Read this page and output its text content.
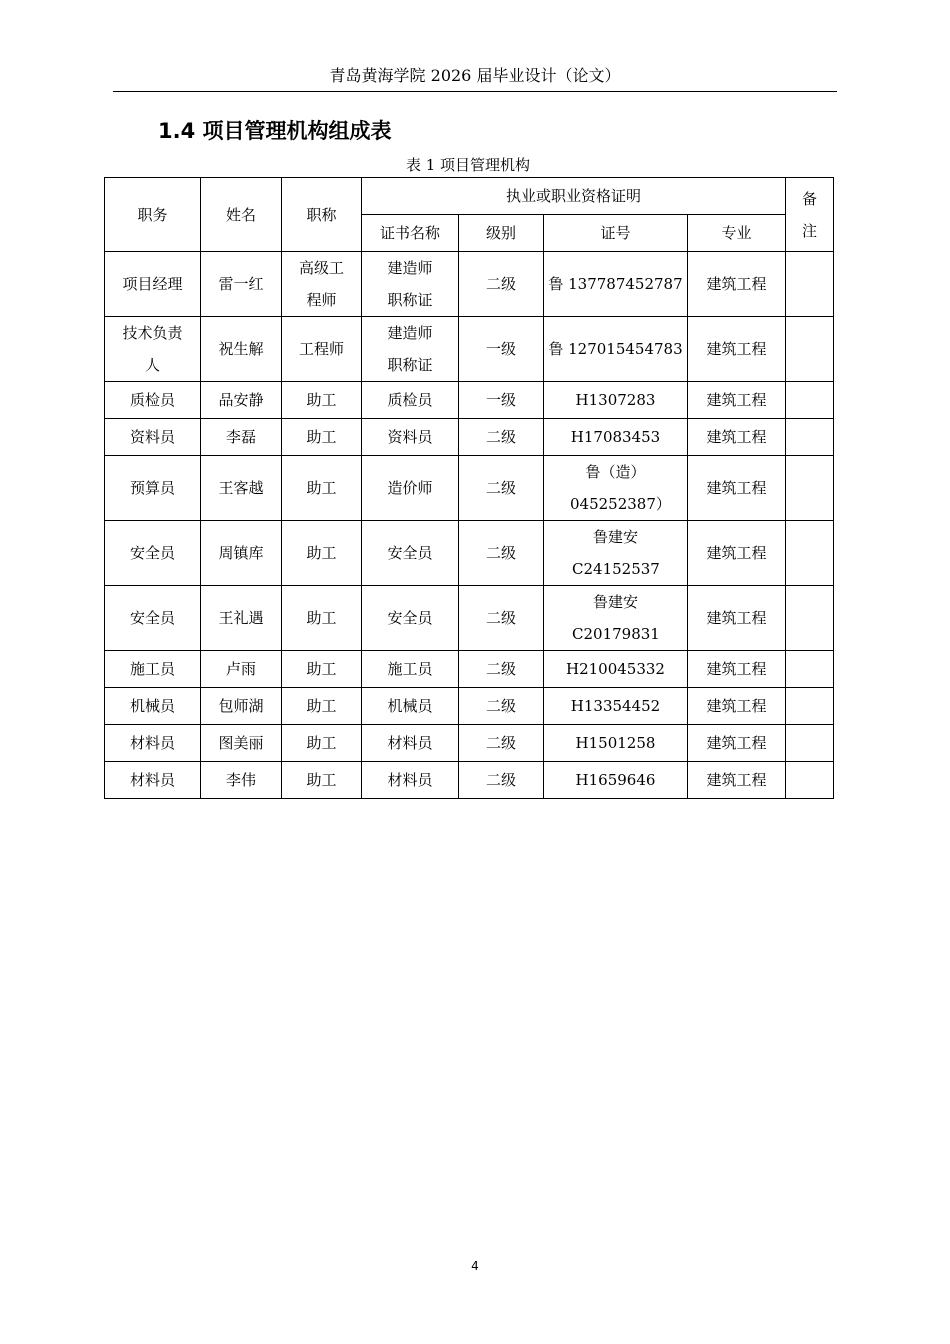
青岛黄海学院 2026 届毕业设计（论文）
1.4 项目管理机构组成表
表 1 项目管理机构
职务	姓名	职称	执业或职业资格证明				备注
			证书名称	级别	证号	专业	
项目经理	雷一红	高级工程师	建造师职称证	二级	鲁 137787452787	建筑工程	
技术负责人	祝生解	工程师	建造师职称证	一级	鲁 127015454783	建筑工程	
质检员	品安静	助工	质检员	一级	H1307283	建筑工程	
资料员	李磊	助工	资料员	二级	H17083453	建筑工程	
预算员	王客越	助工	造价师	二级	鲁（造）045252387）	建筑工程	
安全员	周镇库	助工	安全员	二级	鲁建安C24152537	建筑工程	
安全员	王礼遇	助工	安全员	二级	鲁建安C20179831	建筑工程	
施工员	卢雨	助工	施工员	二级	H210045332	建筑工程	
机械员	包师湖	助工	机械员	二级	H13354452	建筑工程	
材料员	图美丽	助工	材料员	二级	H1501258	建筑工程	
材料员	李伟	助工	材料员	二级	H1659646	建筑工程	
4
